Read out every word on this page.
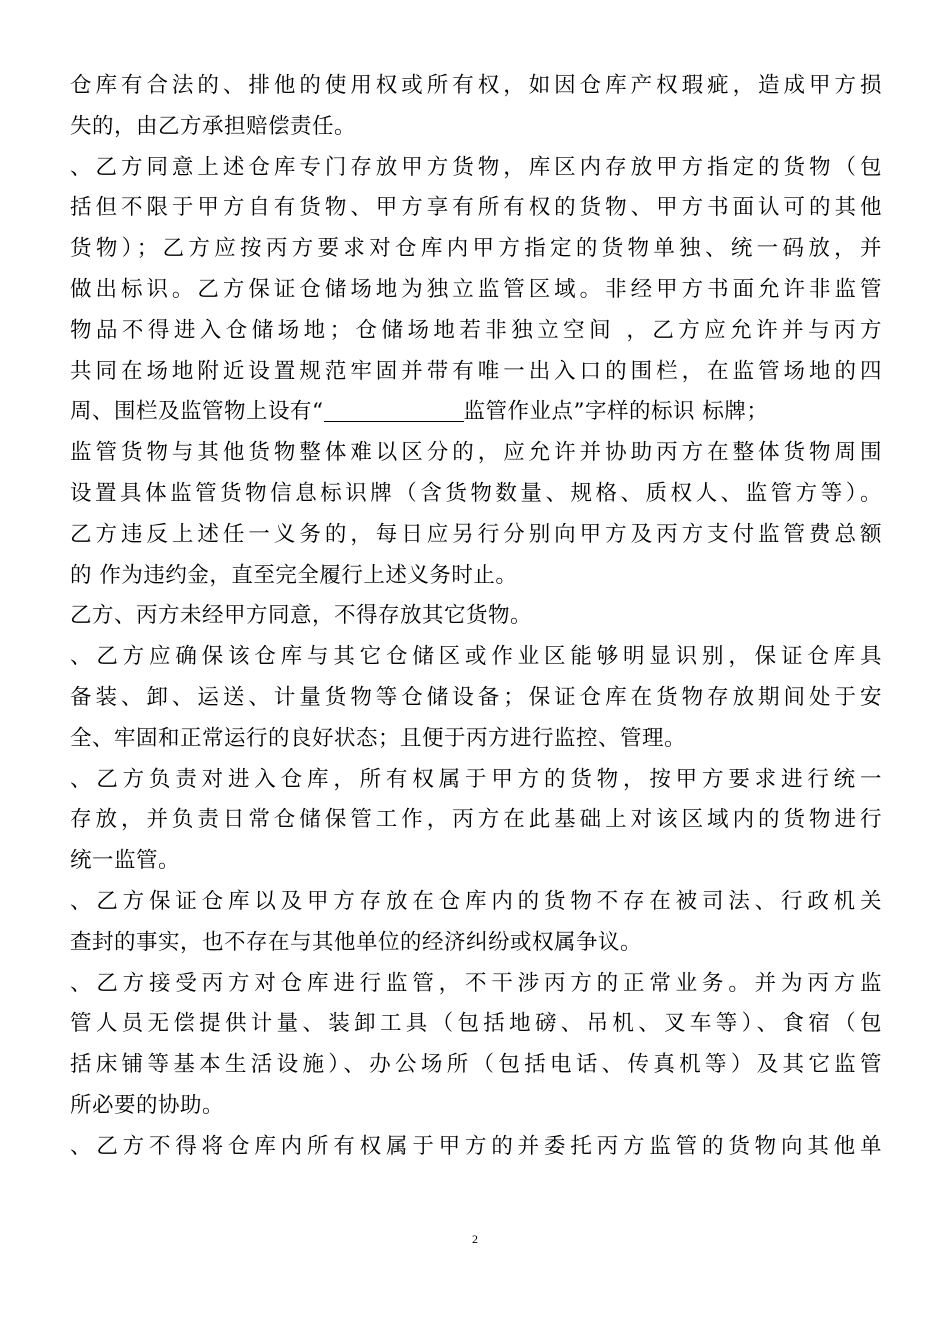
仓库有合法的、排他的使用权或所有权，如因仓库产权瑕疵，造成甲方损
失的，由乙方承担赔偿责任。
、乙方同意上述仓库专门存放甲方货物，库区内存放甲方指定的货物（包
括但不限于甲方自有货物、甲方享有所有权的货物、甲方书面认可的其他
货物）；乙方应按丙方要求对仓库内甲方指定的货物单独、统一码放，并
做出标识。乙方保证仓储场地为独立监管区域。非经甲方书面允许非监管
物品不得进入仓储场地；仓储场地若非独立空间 ，乙方应允许并与丙方
共同在场地附近设置规范牢固并带有唯一出入口的围栏，在监管场地的四
周、围栏及监管物上设有“	监管作业点”字样的标识 标牌；
监管货物与其他货物整体难以区分的，应允许并协助丙方在整体货物周围
设置具体监管货物信息标识牌（含货物数量、规格、质权人、监管方等）。
乙方违反上述任一义务的，每日应另行分别向甲方及丙方支付监管费总额
的 作为违约金，直至完全履行上述义务时止。
乙方、丙方未经甲方同意，不得存放其它货物。
、乙方应确保该仓库与其它仓储区或作业区能够明显识别，保证仓库具
备装、卸、运送、计量货物等仓储设备；保证仓库在货物存放期间处于安
全、牢固和正常运行的良好状态；且便于丙方进行监控、管理。
、乙方负责对进入仓库，所有权属于甲方的货物，按甲方要求进行统一
存放，并负责日常仓储保管工作，丙方在此基础上对该区域内的货物进行
统一监管。
、乙方保证仓库以及甲方存放在仓库内的货物不存在被司法、行政机关
查封的事实，也不存在与其他单位的经济纠纷或权属争议。
、乙方接受丙方对仓库进行监管，不干涉丙方的正常业务。并为丙方监
管人员无偿提供计量、装卸工具（包括地磅、吊机、叉车等）、食宿（包
括床铺等基本生活设施）、办公场所（包括电话、传真机等）及其它监管
所必要的协助。
、乙方不得将仓库内所有权属于甲方的并委托丙方监管的货物向其他单
2
